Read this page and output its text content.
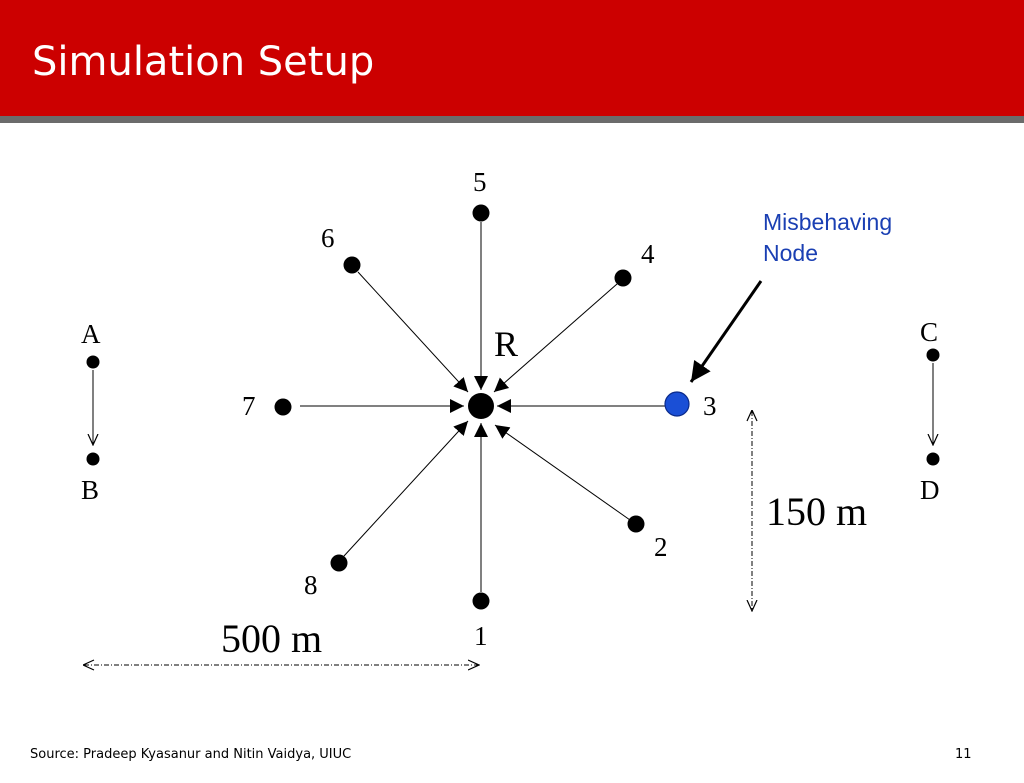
Simulation Setup
R
1
2
3
4
5
6
7
8
A
B
C
D
Misbehaving
Node
500 m
150 m
Source: Pradeep Kyasanur and Nitin Vaidya, UIUC	11
